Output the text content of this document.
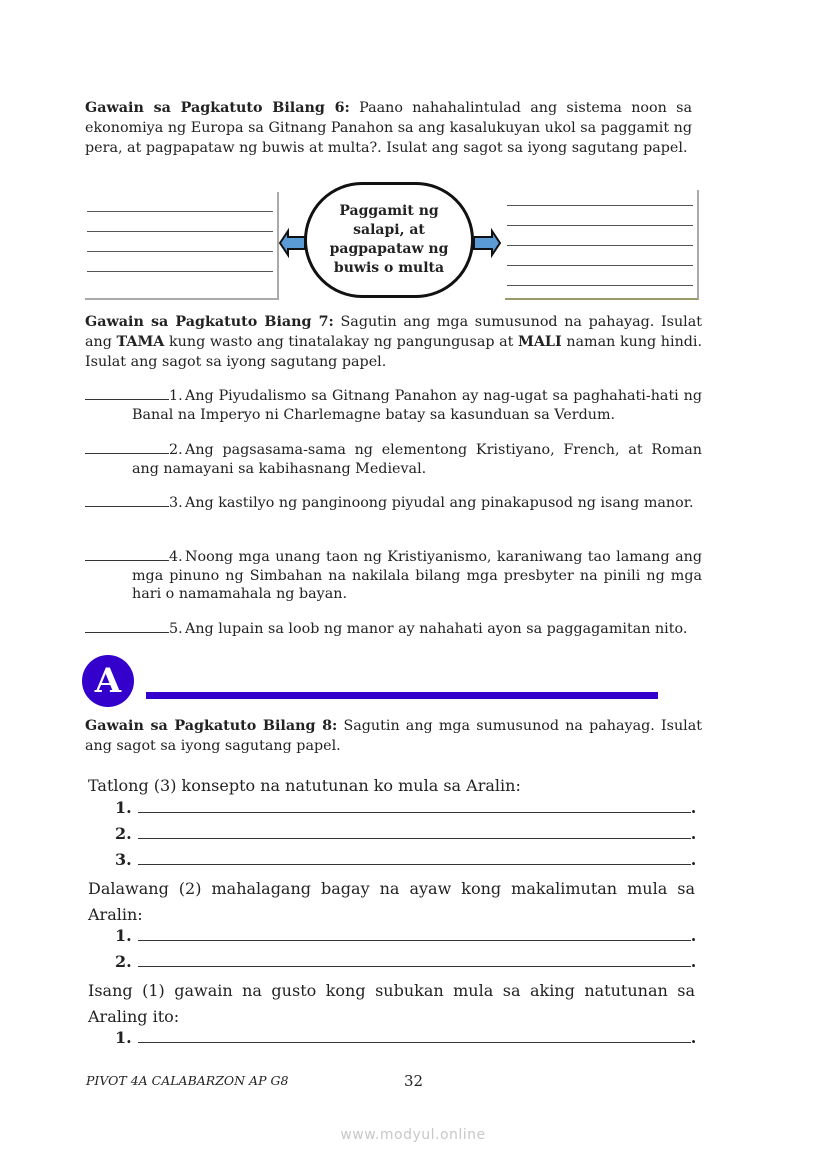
Gawain sa Pagkatuto Bilang 6: Paano nahahalintulad ang sistema noon sa ekonomiya ng Europa sa Gitnang Panahon sa ang kasalukuyan ukol sa paggamit ng pera, at pagpapataw ng buwis at multa?. Isulat ang sagot sa iyong sagutang papel.

Paggamit ng salapi, at pagpapataw ng buwis o multa

Gawain sa Pagkatuto Biang 7: Sagutin ang mga sumusunod na pahayag. Isulat ang TAMA kung wasto ang tinatalakay ng pangungusap at MALI naman kung hindi. Isulat ang sagot sa iyong sagutang papel.

1. Ang Piyudalismo sa Gitnang Panahon ay nag-ugat sa paghahati-hati ng Banal na Imperyo ni Charlemagne batay sa kasunduan sa Verdum.
2. Ang pagsasama-sama ng elementong Kristiyano, French, at Roman ang namayani sa kabihasnang Medieval.
3. Ang kastilyo ng panginoong piyudal ang pinakapusod ng isang manor.
4. Noong mga unang taon ng Kristiyanismo, karaniwang tao lamang ang mga pinuno ng Simbahan na nakilala bilang mga presbyter na pinili ng mga hari o namamahala ng bayan.
5. Ang lupain sa loob ng manor ay nahahati ayon sa paggagamitan nito.
A

Gawain sa Pagkatuto Bilang 8: Sagutin ang mga sumusunod na pahayag. Isulat ang sagot sa iyong sagutang papel.

Tatlong (3) konsepto na natutunan ko mula sa Aralin:
1.	.
2.	.
3.	.
Dalawang (2) mahalagang bagay na ayaw kong makalimutan mula sa Aralin:
1.	.
2.	.
Isang (1) gawain na gusto kong subukan mula sa aking natutunan sa Araling ito:
1.	.
PIVOT 4A CALABARZON AP G8	32
www.modyul.online
